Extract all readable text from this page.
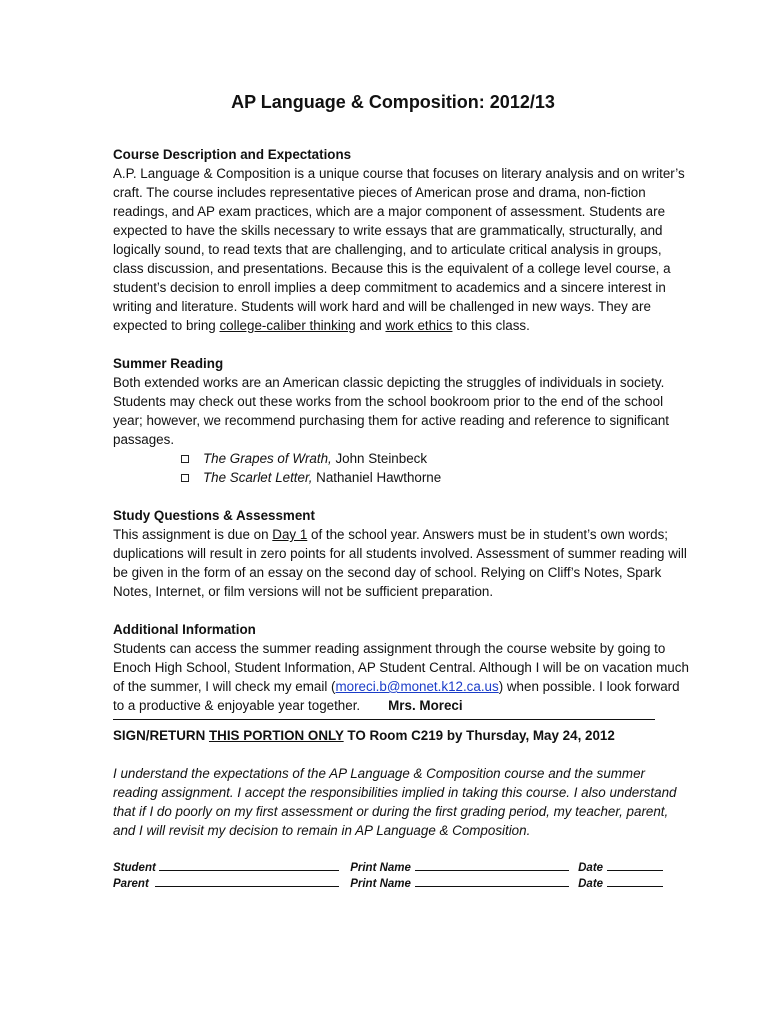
AP Language & Composition: 2012/13
Course Description and Expectations

A.P. Language & Composition is a unique course that focuses on literary analysis and on writer’s craft. The course includes representative pieces of American prose and drama, non-fiction readings, and AP exam practices, which are a major component of assessment. Students are expected to have the skills necessary to write essays that are grammatically, structurally, and logically sound, to read texts that are challenging, and to articulate critical analysis in groups, class discussion, and presentations. Because this is the equivalent of a college level course, a student’s decision to enroll implies a deep commitment to academics and a sincere interest in writing and literature. Students will work hard and will be challenged in new ways. They are expected to bring college-caliber thinking and work ethics to this class.

Summer Reading

Both extended works are an American classic depicting the struggles of individuals in society. Students may check out these works from the school bookroom prior to the end of the school year; however, we recommend purchasing them for active reading and reference to significant passages.

The Grapes of Wrath, John Steinbeck
The Scarlet Letter, Nathaniel Hawthorne
Study Questions & Assessment

This assignment is due on Day 1 of the school year. Answers must be in student’s own words; duplications will result in zero points for all students involved. Assessment of summer reading will be given in the form of an essay on the second day of school. Relying on Cliff’s Notes, Spark Notes, Internet, or film versions will not be sufficient preparation.

Additional Information

Students can access the summer reading assignment through the course website by going to Enoch High School, Student Information, AP Student Central. Although I will be on vacation much of the summer, I will check my email (moreci.b@monet.k12.ca.us) when possible. I look forward to a productive & enjoyable year together. Mrs. Moreci

SIGN/RETURN THIS PORTION ONLY TO Room C219 by Thursday, May 24, 2012

I understand the expectations of the AP Language & Composition course and the summer reading assignment. I accept the responsibilities implied in taking this course. I also understand that if I do poorly on my first assessment or during the first grading period, my teacher, parent, and I will revisit my decision to remain in AP Language & Composition.

Student	Print Name	Date
Parent	Print Name	Date
